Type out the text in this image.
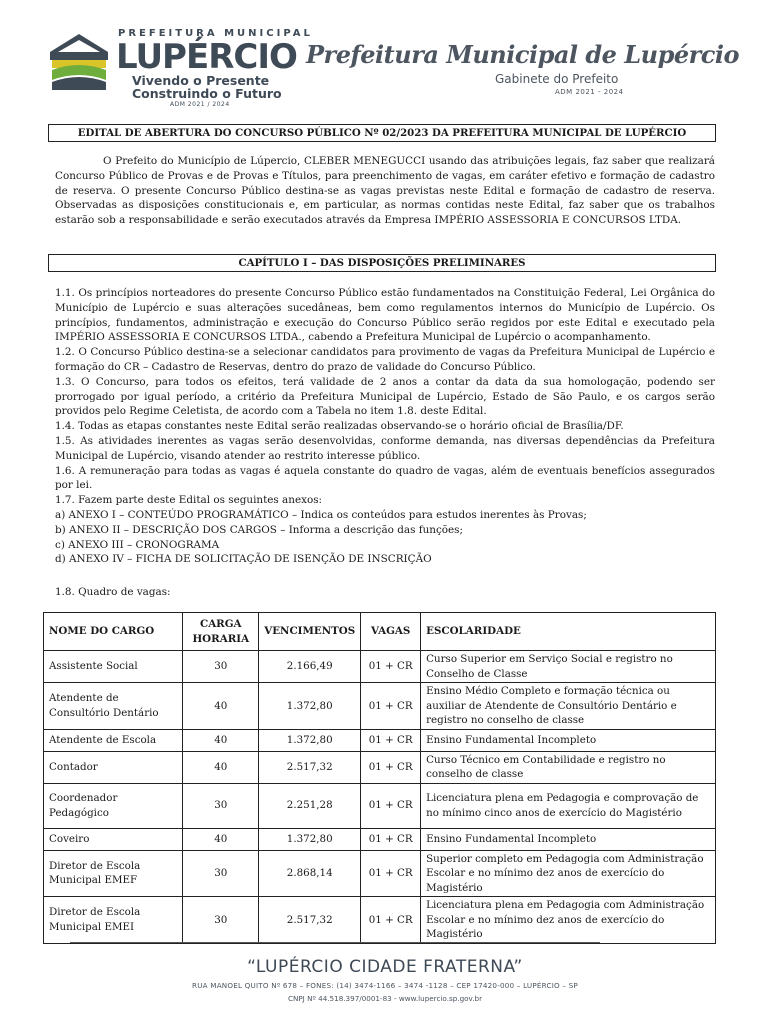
PREFEITURA MUNICIPAL
LUPÉRCIO
Vivendo o Presente
Construindo o Futuro
ADM 2021 / 2024
Prefeitura Municipal de Lupércio
Gabinete do Prefeito
ADM 2021 - 2024
EDITAL DE ABERTURA DO CONCURSO PÚBLICO Nº 02/2023 DA PREFEITURA MUNICIPAL DE LUPÉRCIO
O Prefeito do Município de Lúpercio, CLEBER MENEGUCCI usando das atribuições legais, faz saber que realizará Concurso Público de Provas e de Provas e Títulos, para preenchimento de vagas, em caráter efetivo e formação de cadastro de reserva. O presente Concurso Público destina-se as vagas previstas neste Edital e formação de cadastro de reserva. Observadas as disposições constitucionais e, em particular, as normas contidas neste Edital, faz saber que os trabalhos estarão sob a responsabilidade e serão executados através da Empresa IMPÉRIO ASSESSORIA E CONCURSOS LTDA.
CAPÍTULO I – DAS DISPOSIÇÕES PRELIMINARES

1.1. Os princípios norteadores do presente Concurso Público estão fundamentados na Constituição Federal, Lei Orgânica do Município de Lupércio e suas alterações sucedâneas, bem como regulamentos internos do Município de Lupércio. Os princípios, fundamentos, administração e execução do Concurso Público serão regidos por este Edital e executado pela IMPÉRIO ASSESSORIA E CONCURSOS LTDA., cabendo a Prefeitura Municipal de Lupércio o acompanhamento.

1.2. O Concurso Público destina-se a selecionar candidatos para provimento de vagas da Prefeitura Municipal de Lupércio e formação do CR – Cadastro de Reservas, dentro do prazo de validade do Concurso Público.

1.3. O Concurso, para todos os efeitos, terá validade de 2 anos a contar da data da sua homologação, podendo ser prorrogado por igual período, a critério da Prefeitura Municipal de Lupércio, Estado de São Paulo, e os cargos serão providos pelo Regime Celetista, de acordo com a Tabela no item 1.8. deste Edital.

1.4. Todas as etapas constantes neste Edital serão realizadas observando-se o horário oficial de Brasília/DF.

1.5. As atividades inerentes as vagas serão desenvolvidas, conforme demanda, nas diversas dependências da Prefeitura Municipal de Lupércio, visando atender ao restrito interesse público.

1.6. A remuneração para todas as vagas é aquela constante do quadro de vagas, além de eventuais benefícios assegurados por lei.

1.7. Fazem parte deste Edital os seguintes anexos:

a) ANEXO I – CONTEÚDO PROGRAMÁTICO – Indica os conteúdos para estudos inerentes às Provas;

b) ANEXO II – DESCRIÇÃO DOS CARGOS – Informa a descrição das funções;

c) ANEXO III – CRONOGRAMA

d) ANEXO IV – FICHA DE SOLICITAÇÃO DE ISENÇÃO DE INSCRIÇÃO

1.8. Quadro de vagas:
NOME DO CARGO	CARGA HORARIA	VENCIMENTOS	VAGAS	ESCOLARIDADE
Assistente Social	30	2.166,49	01 + CR	Curso Superior em Serviço Social e registro no Conselho de Classe
Atendente de Consultório Dentário	40	1.372,80	01 + CR	Ensino Médio Completo e formação técnica ou auxiliar de Atendente de Consultório Dentário e registro no conselho de classe
Atendente de Escola	40	1.372,80	01 + CR	Ensino Fundamental Incompleto
Contador	40	2.517,32	01 + CR	Curso Técnico em Contabilidade e registro no conselho de classe
Coordenador Pedagógico	30	2.251,28	01 + CR	Licenciatura plena em Pedagogia e comprovação de no mínimo cinco anos de exercício do Magistério
Coveiro	40	1.372,80	01 + CR	Ensino Fundamental Incompleto
Diretor de Escola Municipal EMEF	30	2.868,14	01 + CR	Superior completo em Pedagogia com Administração Escolar e no mínimo dez anos de exercício do Magistério
Diretor de Escola Municipal EMEI	30	2.517,32	01 + CR	Licenciatura plena em Pedagogia com Administração Escolar e no mínimo dez anos de exercício do Magistério
“LUPÉRCIO CIDADE FRATERNA”
RUA MANOEL QUITO Nº 678 – FONES: (14) 3474-1166 – 3474 -1128 – CEP 17420-000 – LUPÉRCIO – SP
CNPJ Nº 44.518.397/0001-83 - www.lupercio.sp.gov.br
